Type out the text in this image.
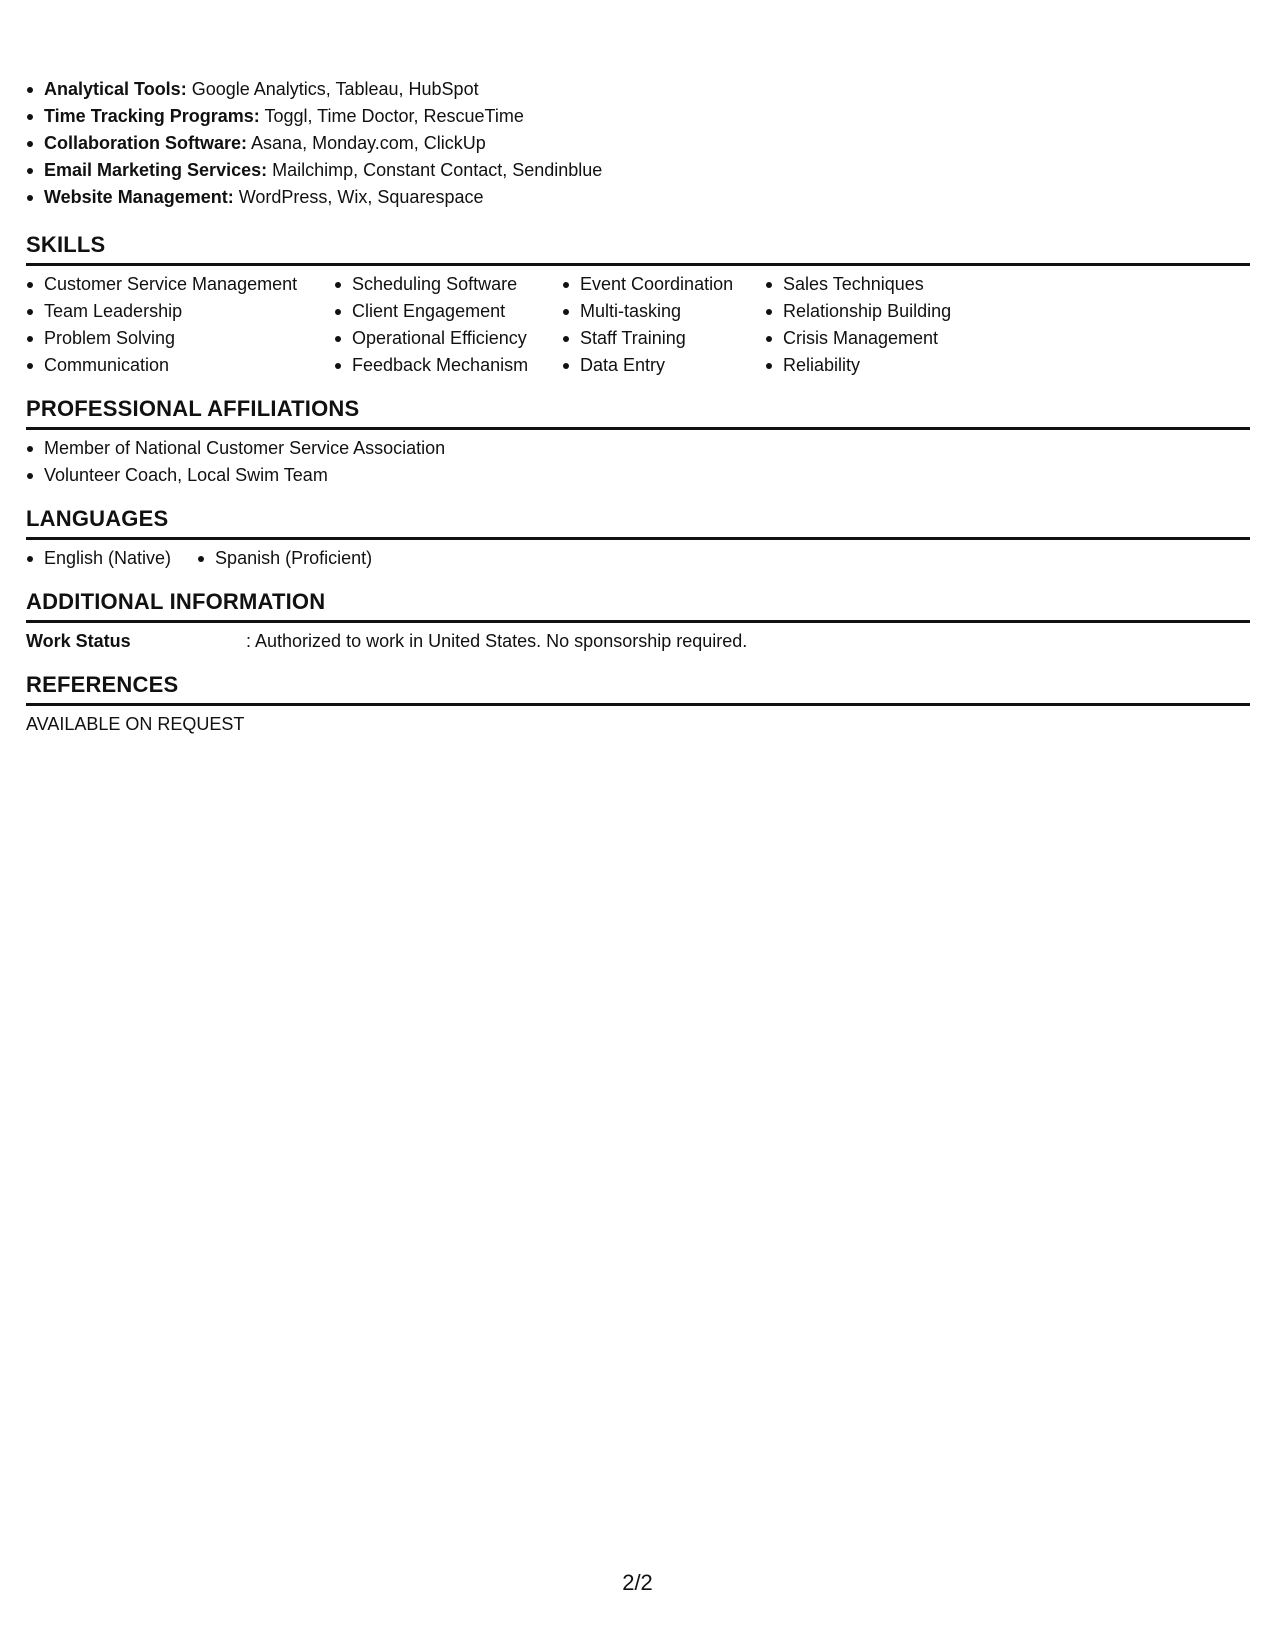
Analytical Tools: Google Analytics, Tableau, HubSpot
Time Tracking Programs: Toggl, Time Doctor, RescueTime
Collaboration Software: Asana, Monday.com, ClickUp
Email Marketing Services: Mailchimp, Constant Contact, Sendinblue
Website Management: WordPress, Wix, Squarespace
SKILLS
Customer Service Management
Team Leadership
Problem Solving
Communication
Scheduling Software
Client Engagement
Operational Efficiency
Feedback Mechanism
Event Coordination
Multi-tasking
Staff Training
Data Entry
Sales Techniques
Relationship Building
Crisis Management
Reliability
PROFESSIONAL AFFILIATIONS
Member of National Customer Service Association
Volunteer Coach, Local Swim Team
LANGUAGES
English (Native)	Spanish (Proficient)
ADDITIONAL INFORMATION
Work Status	: Authorized to work in United States. No sponsorship required.
REFERENCES
AVAILABLE ON REQUEST
2/2
